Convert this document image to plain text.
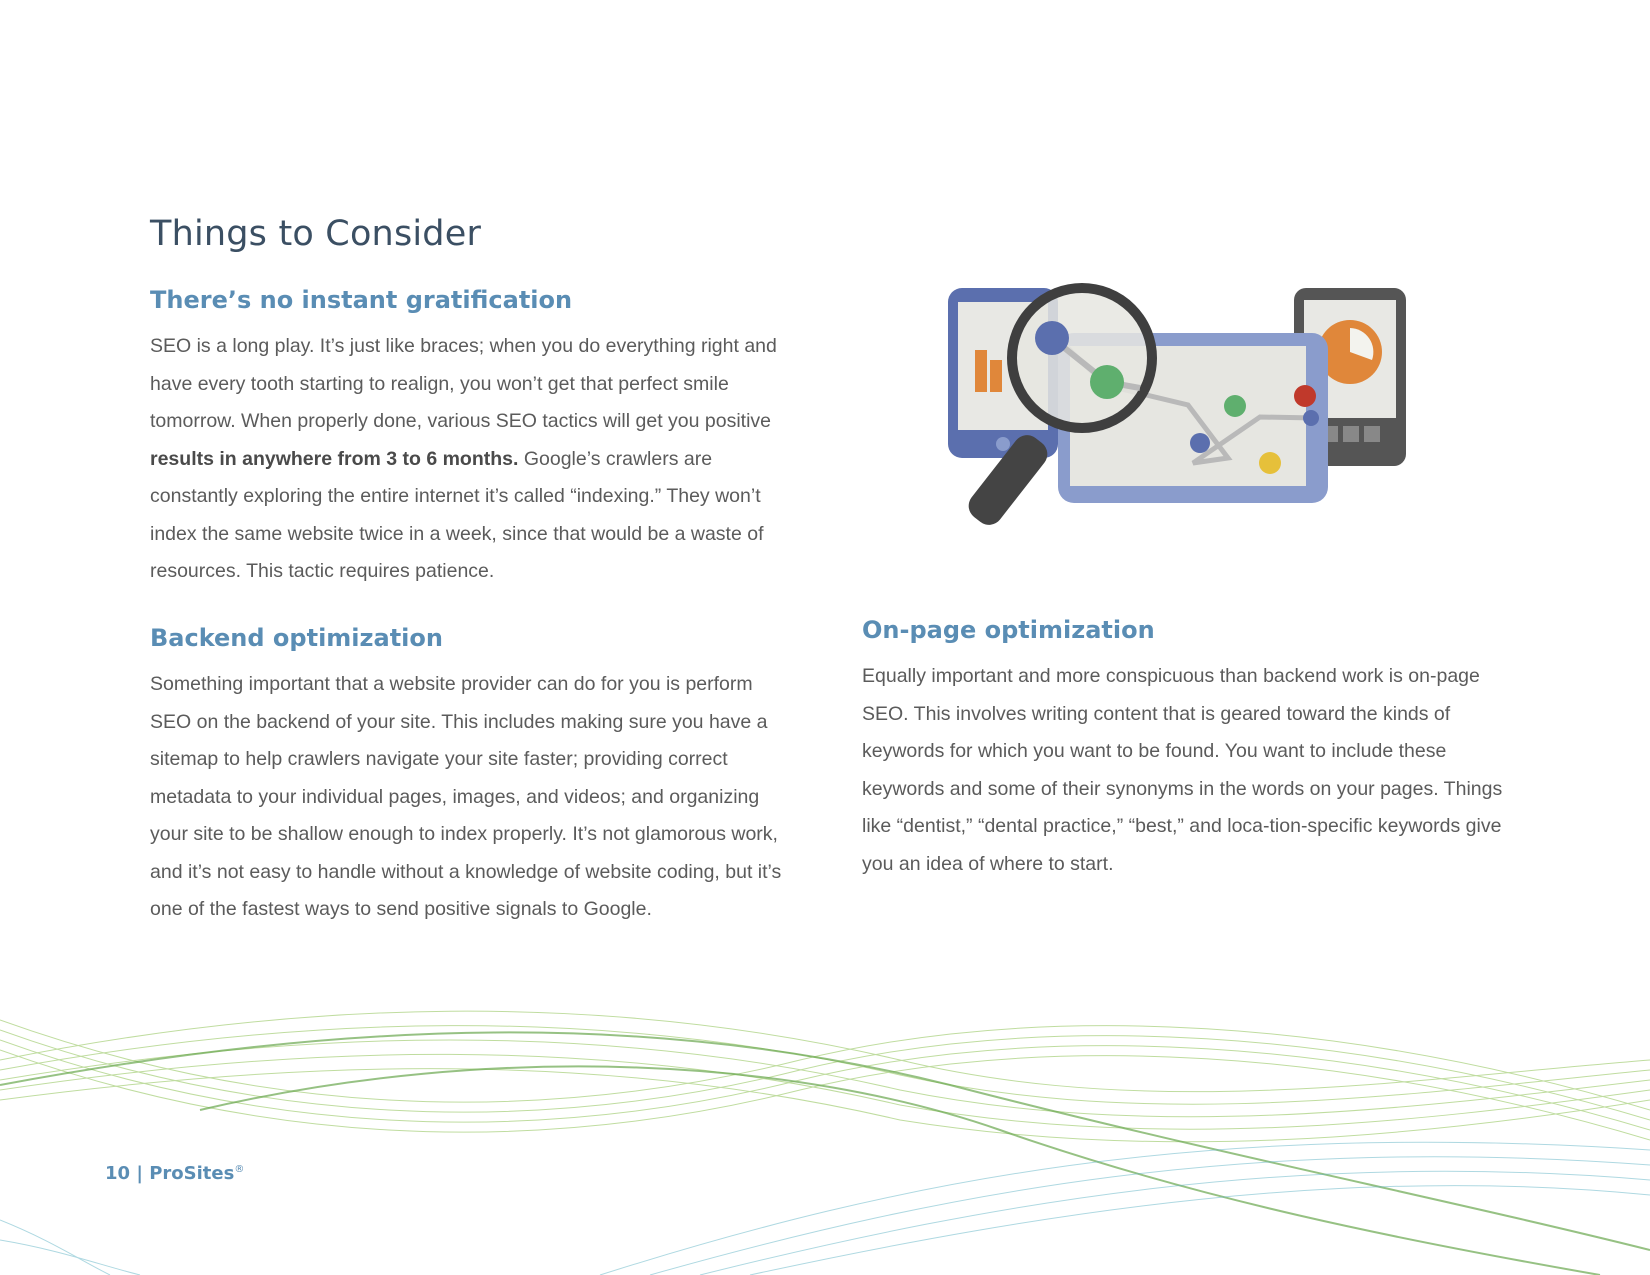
Things to Consider
There’s no instant gratification

SEO is a long play. It’s just like braces; when you do everything right and have every tooth starting to realign, you won’t get that perfect smile tomorrow. When properly done, various SEO tactics will get you positive results in anywhere from 3 to 6 months. Google’s crawlers are constantly exploring the entire internet it’s called “indexing.” They won’t index the same website twice in a week, since that would be a waste of resources. This tactic requires patience.

Backend optimization

Something important that a website provider can do for you is perform SEO on the backend of your site. This includes making sure you have a sitemap to help crawlers navigate your site faster; providing correct metadata to your individual pages, images, and videos; and organizing your site to be shallow enough to index properly. It’s not glamorous work, and it’s not easy to handle without a knowledge of website coding, but it’s one of the fastest ways to send positive signals to Google.

On-page optimization

Equally important and more conspicuous than backend work is on-page SEO. This involves writing content that is geared toward the kinds of keywords for which you want to be found. You want to include these keywords and some of their synonyms in the words on your pages. Things like “dentist,” “dental practice,” “best,” and loca-tion-specific keywords give you an idea of where to start.

10 | ProSites®
